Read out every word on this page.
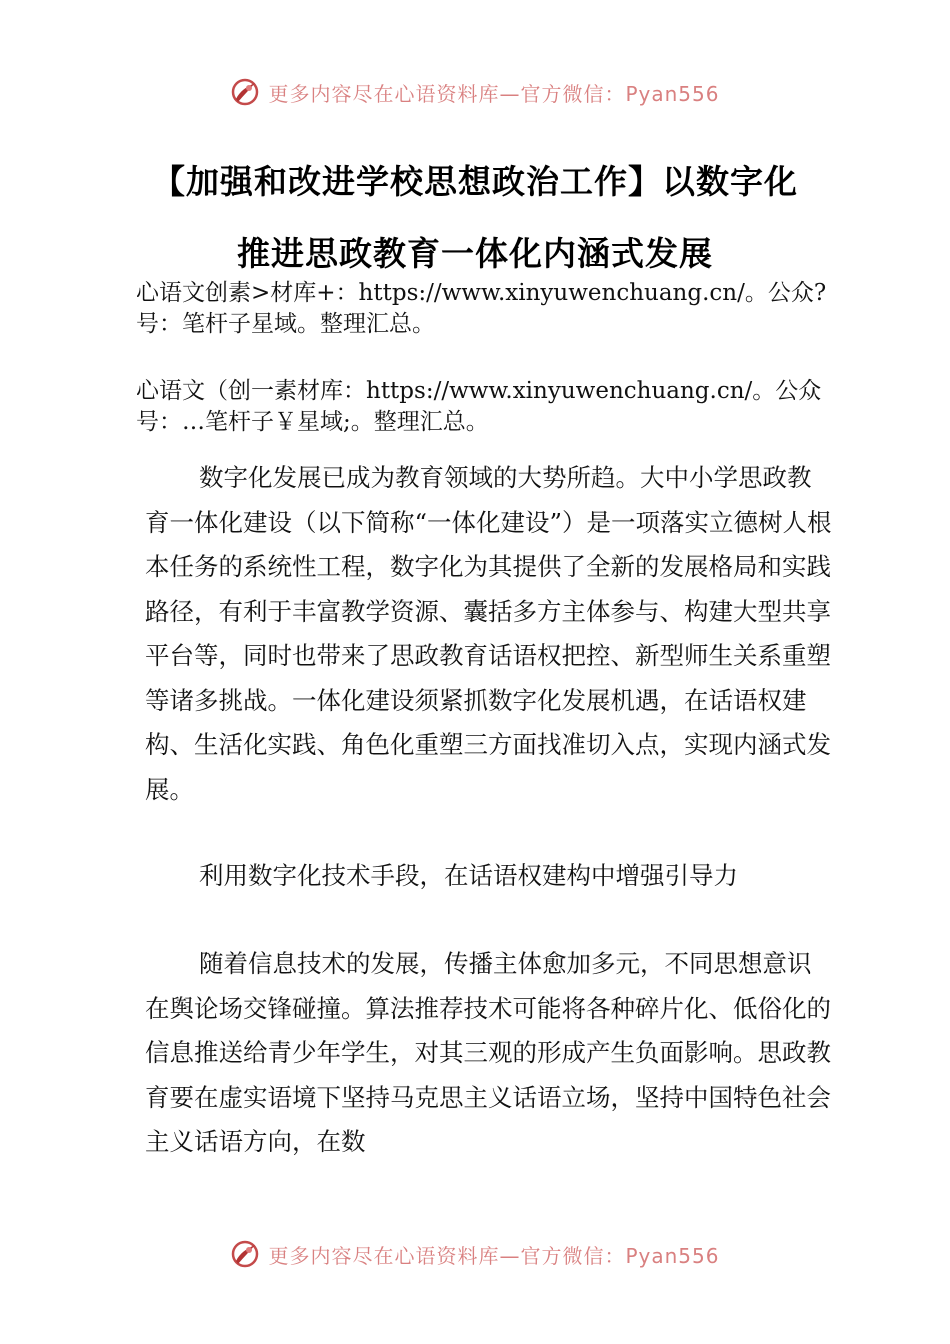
更多内容尽在心语资料库—官方微信：Pyan556
【加强和改进学校思想政治工作】以数字化
推进思政教育一体化内涵式发展
心语文创素>材库+：https://www.xinyuwenchuang.cn/。公众?号：笔杆子星域。整理汇总。
心语文（创一素材库：https://www.xinyuwenchuang.cn/。公众号：…笔杆子￥星域;。整理汇总。
数字化发展已成为教育领域的大势所趋。大中小学思政教育一体化建设（以下简称“一体化建设”）是一项落实立德树人根本任务的系统性工程，数字化为其提供了全新的发展格局和实践路径，有利于丰富教学资源、囊括多方主体参与、构建大型共享平台等，同时也带来了思政教育话语权把控、新型师生关系重塑等诸多挑战。一体化建设须紧抓数字化发展机遇，在话语权建构、生活化实践、角色化重塑三方面找准切入点，实现内涵式发展。
利用数字化技术手段，在话语权建构中增强引导力
随着信息技术的发展，传播主体愈加多元，不同思想意识在舆论场交锋碰撞。算法推荐技术可能将各种碎片化、低俗化的信息推送给青少年学生，对其三观的形成产生负面影响。思政教育要在虚实语境下坚持马克思主义话语立场，坚持中国特色社会主义话语方向，在数
更多内容尽在心语资料库—官方微信：Pyan556
